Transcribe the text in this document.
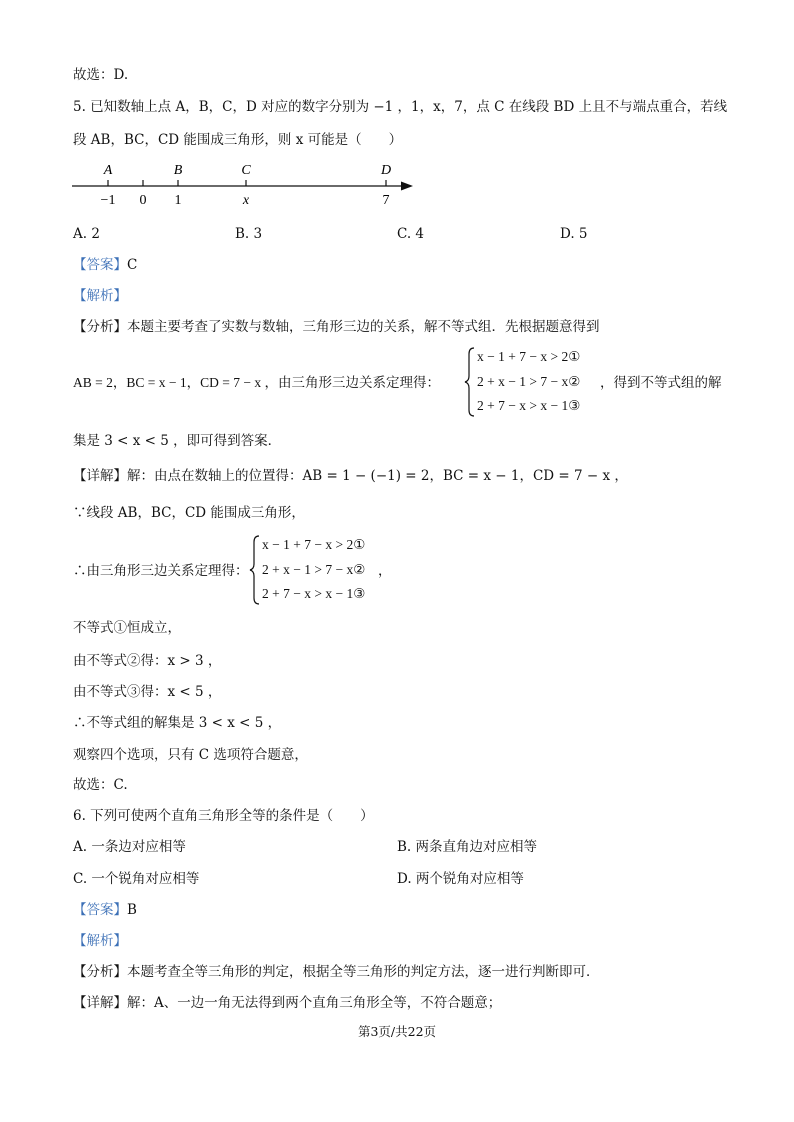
故选：D.
5. 已知数轴上点 A，B，C，D 对应的数字分别为 −1 ，1，x，7，点 C 在线段 BD 上且不与端点重合，若线
段 AB，BC，CD 能围成三角形，则 x 可能是（　　）
A	B	C	D
−1 0 1	x	7
A. 2	B. 3	C. 4	D. 5
【答案】C
【解析】
【分析】本题主要考查了实数与数轴，三角形三边的关系，解不等式组．先根据题意得到
AB = 2，BC = x − 1，CD = 7 − x ，由三角形三边关系定理得：
x − 1 + 7 − x > 2①
2 + x − 1 > 7 − x②
2 + 7 − x > x − 1③
，得到不等式组的解
集是 3 < x < 5 ，即可得到答案．
【详解】解：由点在数轴上的位置得：AB = 1 − (−1) = 2，BC = x − 1，CD = 7 − x ，
∵线段 AB，BC，CD 能围成三角形，
∴由三角形三边关系定理得：
x − 1 + 7 − x > 2①
2 + x − 1 > 7 − x②
2 + 7 − x > x − 1③
，
不等式①恒成立，
由不等式②得：x > 3 ，
由不等式③得：x < 5 ，
∴不等式组的解集是 3 < x < 5 ，
观察四个选项，只有 C 选项符合题意，
故选：C.
6. 下列可使两个直角三角形全等的条件是（　　）
A. 一条边对应相等	B. 两条直角边对应相等
C. 一个锐角对应相等	D. 两个锐角对应相等
【答案】B
【解析】
【分析】本题考查全等三角形的判定，根据全等三角形的判定方法，逐一进行判断即可．
【详解】解：A、一边一角无法得到两个直角三角形全等，不符合题意；
第3页/共22页
